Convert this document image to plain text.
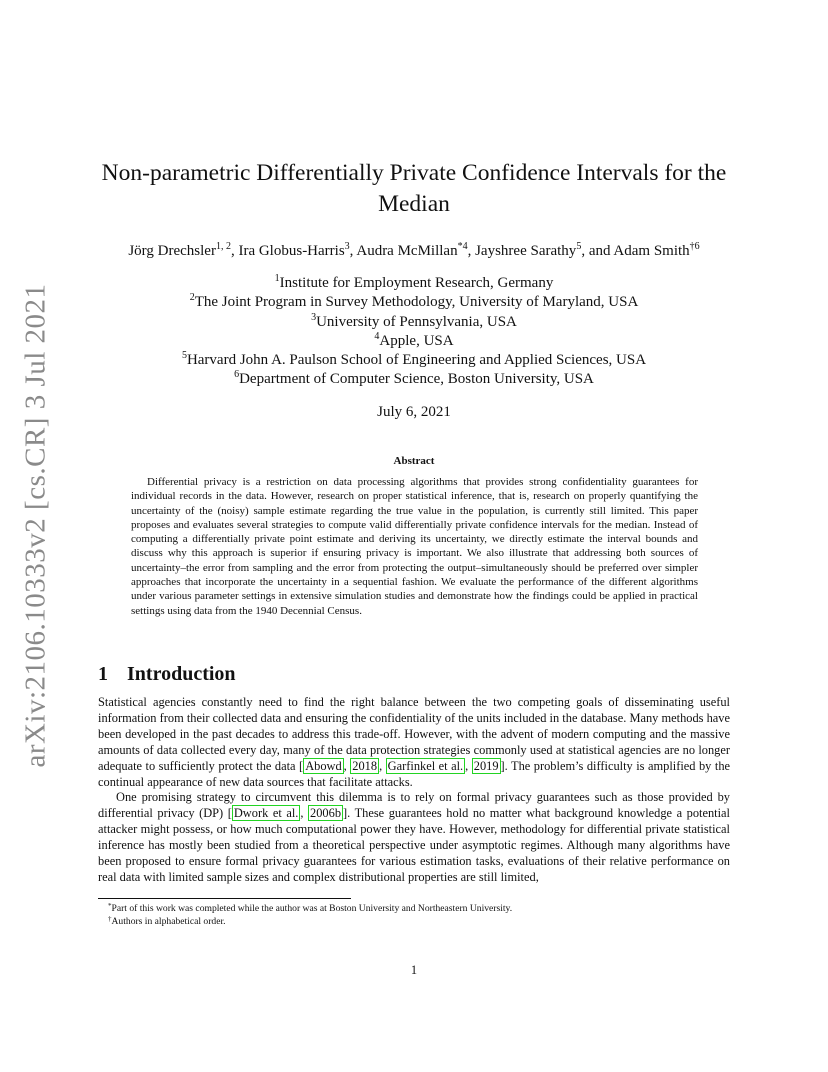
arXiv:2106.10333v2 [cs.CR] 3 Jul 2021
Non-parametric Differentially Private Confidence Intervals for the
Median
Jörg Drechsler$^{1, 2}$, Ira Globus-Harris$^3$, Audra McMillan$^{*4}$, Jayshree Sarathy$^5$, and Adam Smith$^{\dagger 6}$
$^1$Institute for Employment Research, Germany
$^2$The Joint Program in Survey Methodology, University of Maryland, USA
$^3$University of Pennsylvania, USA
$^4$Apple, USA
$^5$Harvard John A. Paulson School of Engineering and Applied Sciences, USA
$^6$Department of Computer Science, Boston University, USA
July 6, 2021
Abstract

Differential privacy is a restriction on data processing algorithms that provides strong confidentiality guarantees for individual records in the data. However, research on proper statistical inference, that is, research on properly quantifying the uncertainty of the (noisy) sample estimate regarding the true value in the population, is currently still limited. This paper proposes and evaluates several strategies to compute valid differentially private confidence intervals for the median. Instead of computing a differentially private point estimate and deriving its uncertainty, we directly estimate the interval bounds and discuss why this approach is superior if ensuring privacy is important. We also illustrate that addressing both sources of uncertainty–the error from sampling and the error from protecting the output–simultaneously should be preferred over simpler approaches that incorporate the uncertainty in a sequential fashion. We evaluate the performance of the different algorithms under various parameter settings in extensive simulation studies and demonstrate how the findings could be applied in practical settings using data from the 1940 Decennial Census.

1 Introduction

Statistical agencies constantly need to find the right balance between the two competing goals of disseminating useful information from their collected data and ensuring the confidentiality of the units included in the database. Many methods have been developed in the past decades to address this trade-off. However, with the advent of modern computing and the massive amounts of data collected every day, many of the data protection strategies commonly used at statistical agencies are no longer adequate to sufficiently protect the data [ Abowd , 2018 , Garfinkel et al. , 2019 ]. The problem’s difficulty is amplified by the continual appearance of new data sources that facilitate attacks.

One promising strategy to circumvent this dilemma is to rely on formal privacy guarantees such as those provided by differential privacy (DP) [ Dwork et al. , 2006b ]. These guarantees hold no matter what background knowledge a potential attacker might possess, or how much computational power they have. However, methodology for differential private statistical inference has mostly been studied from a theoretical perspective under asymptotic regimes. Although many algorithms have been proposed to ensure formal privacy guarantees for various estimation tasks, evaluations of their relative performance on real data with limited sample sizes and complex distributional properties are still limited,

*Part of this work was completed while the author was at Boston University and Northeastern University.
†Authors in alphabetical order.
1
